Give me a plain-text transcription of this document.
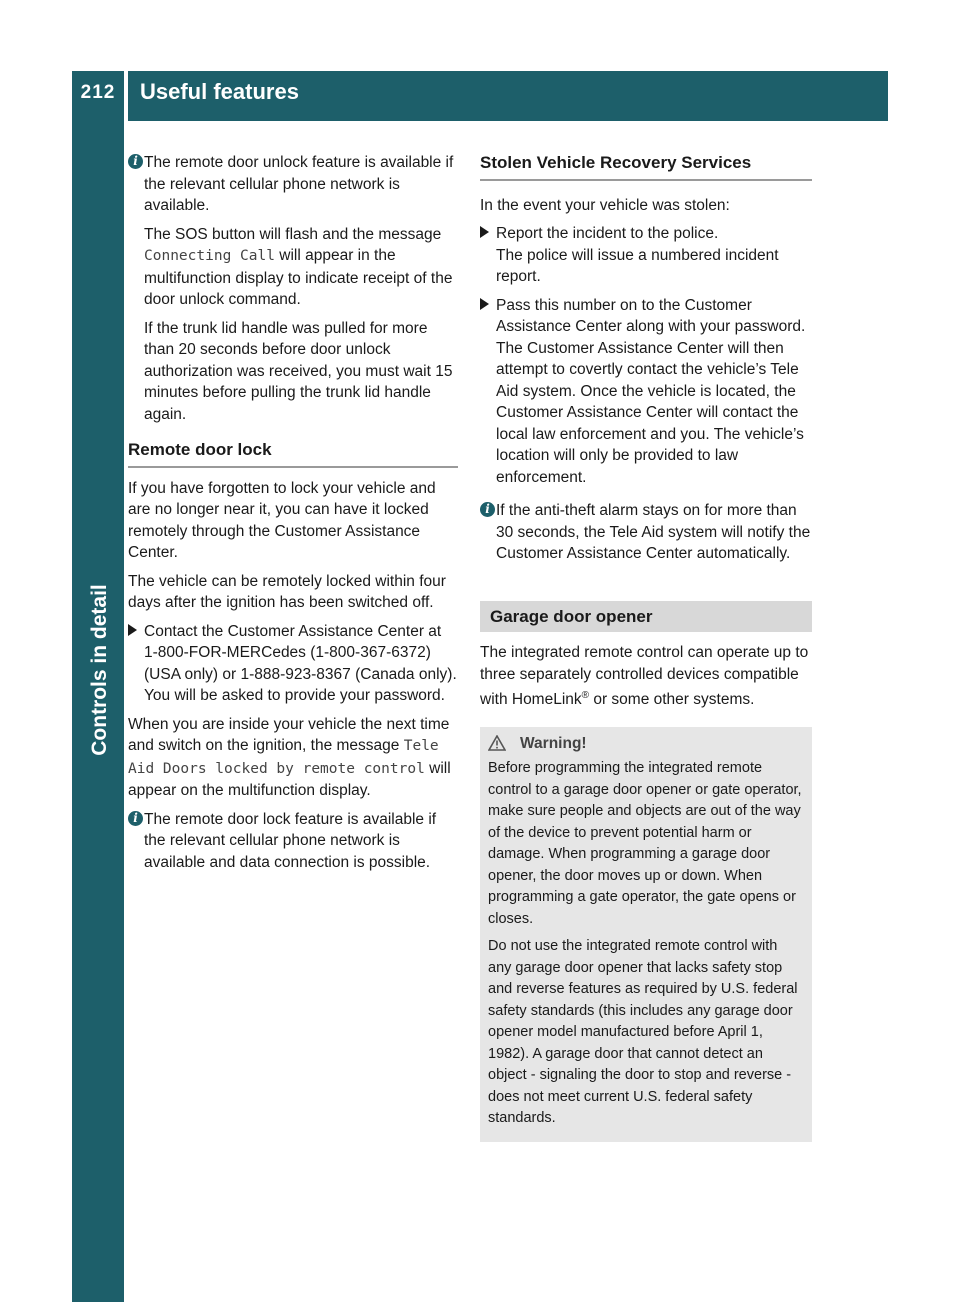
212	Useful features
Controls in detail
i The remote door unlock feature is available if the relevant cellular phone network is available.

The SOS button will flash and the message Connecting Call will appear in the multifunction display to indicate receipt of the door unlock command.

If the trunk lid handle was pulled for more than 20 seconds before door unlock authorization was received, you must wait 15 minutes before pulling the trunk lid handle again.

Remote door lock

If you have forgotten to lock your vehicle and are no longer near it, you can have it locked remotely through the Customer Assistance Center.

The vehicle can be remotely locked within four days after the ignition has been switched off.

Contact the Customer Assistance Center at 1-800-FOR-MERCedes (1-800-367-6372) (USA only) or 1-888-923-8367 (Canada only).
You will be asked to provide your password.

When you are inside your vehicle the next time and switch on the ignition, the message Tele Aid Doors locked by remote control will appear on the multifunction display.

i The remote door lock feature is available if the relevant cellular phone network is available and data connection is possible.

Stolen Vehicle Recovery Services

In the event your vehicle was stolen:

Report the incident to the police.
The police will issue a numbered incident report.
Pass this number on to the Customer Assistance Center along with your password.
The Customer Assistance Center will then attempt to covertly contact the vehicle’s Tele Aid system. Once the vehicle is located, the Customer Assistance Center will contact the local law enforcement and you. The vehicle’s location will only be provided to law enforcement.
i If the anti-theft alarm stays on for more than 30 seconds, the Tele Aid system will notify the Customer Assistance Center automatically.

Garage door opener

The integrated remote control can operate up to three separately controlled devices compatible with HomeLink® or some other systems.

Warning!

Before programming the integrated remote control to a garage door opener or gate operator, make sure people and objects are out of the way of the device to prevent potential harm or damage. When programming a garage door opener, the door moves up or down. When programming a gate operator, the gate opens or closes.

Do not use the integrated remote control with any garage door opener that lacks safety stop and reverse features as required by U.S. federal safety standards (this includes any garage door opener model manufactured before April 1, 1982). A garage door that cannot detect an object - signaling the door to stop and reverse - does not meet current U.S. federal safety standards.
